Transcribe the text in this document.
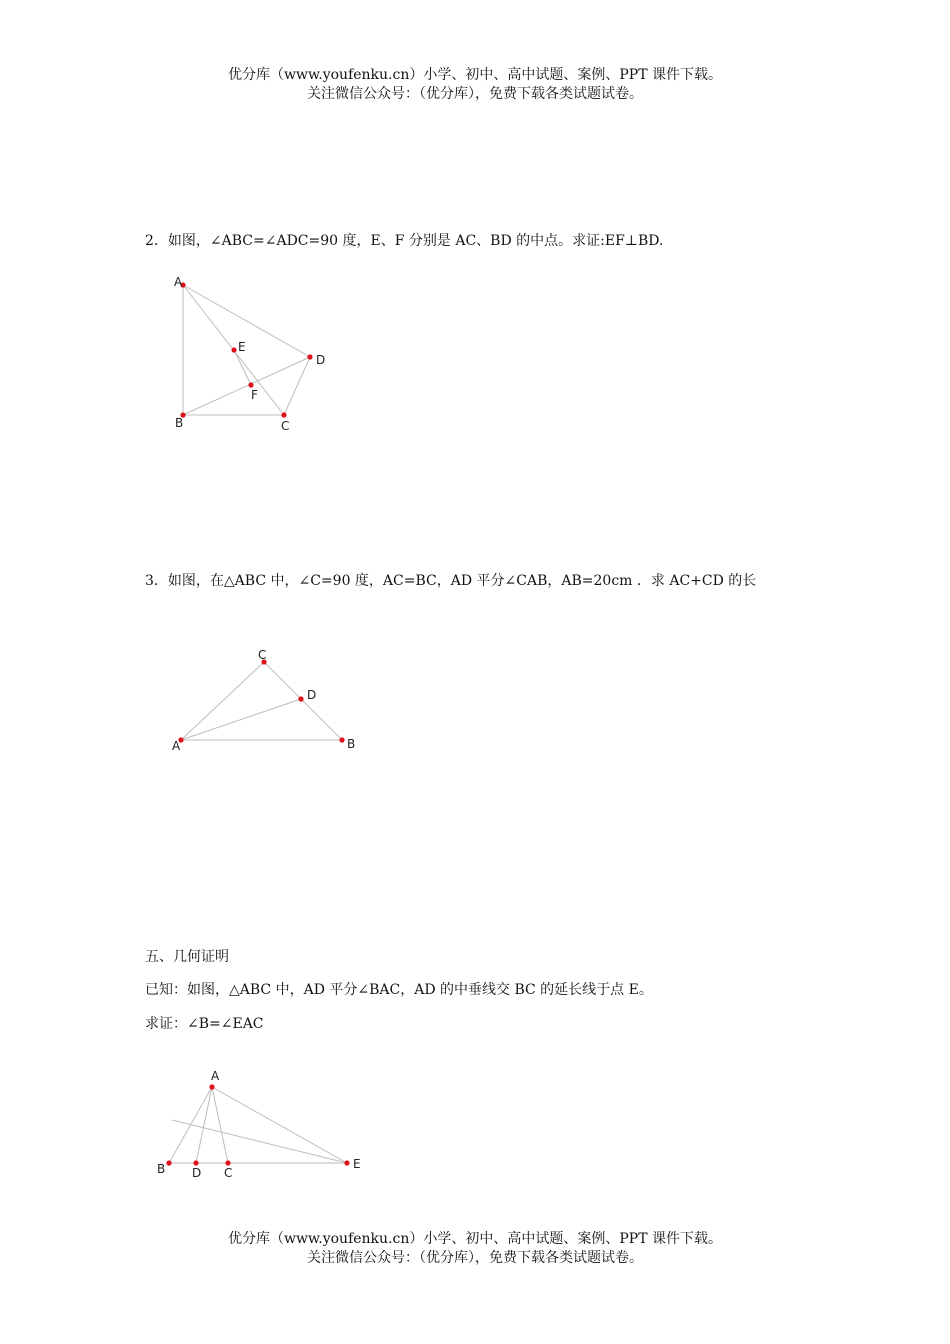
优分库（www.youfenku.cn）小学、初中、高中试题、案例、PPT 课件下载。
关注微信公众号：（优分库），免费下载各类试题试卷。
2．如图，∠ABC=∠ADC=90 度，E、F 分别是 AC、BD 的中点。求证:EF⊥BD.
A
B	C
D
E
F
3．如图，在△ABC 中，∠C=90 度，AC=BC，AD 平分∠CAB，AB=20cm ．求 AC+CD 的长
A	B
C
D
五、几何证明
已知：如图，△ABC 中，AD 平分∠BAC，AD 的中垂线交 BC 的延长线于点 E。
求证：∠B=∠EAC
A
B D C
E
优分库（www.youfenku.cn）小学、初中、高中试题、案例、PPT 课件下载。
关注微信公众号：（优分库），免费下载各类试题试卷。
